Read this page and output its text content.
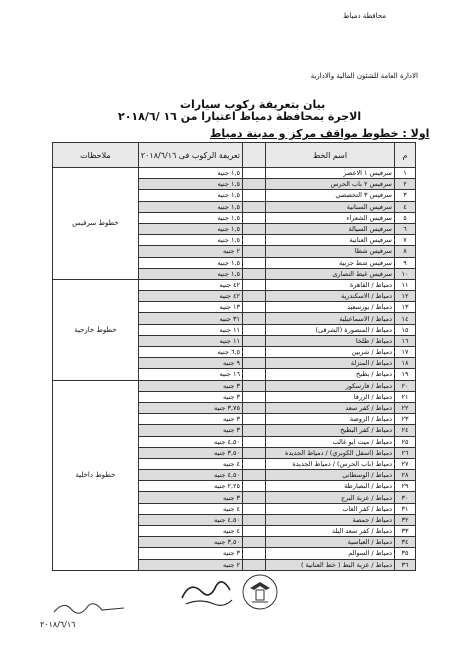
محافظة دمياط
الادارة العامة للشئون المالية والادارية
بيان بتعريفة ركوب سيارات
الاجرة بمحافظة دمياط اعتبارا من ١٦ /٢٠١٨/٦
اولا : خطوط مواقف مركز و مدينة دمياط
م	اسم الخط		تعريفة الركوب فى ٢٠١٨/٦/١٦	ملاحظات
١	سرفيس ١ الاعصر		١,٥ جنيه	خطوط سرفيس
٢	سرفيس ٢ باب الحرس		١,٥ جنيه	
٣	سرفيس ٣ التخصصي		١,٥ جنيه	
٤	سرفيس السنانية		١,٥ جنيه	
٥	سرفيس الشعراء		١,٥ جنيه	
٦	سرفيس السيالة		١,٥ جنيه	
٧	سرفيس العنانية		١,٥ جنيه	
٨	سرفيس شطا		٢ جنيه	
٩	سرفيس شط جربية		١,٥ جنيه	
١٠	سرفيس غيط النصارى		١,٥ جنيه	
١١	دمياط / القاهرة		٤٢ جنيه	خطوط خارجية
١٢	دمياط / الاسكندرية		٤٢ جنيه	
١٣	دمياط / بورسعيد		١٣ جنيه	
١٤	دمياط / الاسماعيلية		٣١ جنيه	
١٥	دمياط / المنصورة (الشرقى)		١١ جنيه	
١٦	دمياط / طلخا		١١ جنيه	
١٧	دمياط / شربين		٦,٥ جنيه	
١٨	دمياط / المنزلة		٩ جنيه	
١٩	دمياط / بطيخ		١٦ جنيه	
٢٠	دمياط / فارسكور		٣ جنيه	خطوط داخلية
٢١	دمياط / الزرقا		٣ جنيه	
٢٢	دمياط / كفر سعد		٣,٧٥ جنيه	
٢٣	دمياط / الروضة		٣ جنيه	
٢٤	دمياط / كفر البطيخ		٣ جنيه	
٢٥	دمياط / ميت ابو غالب		٤,٥٠ جنيه	
٢٦	دمياط (اسفل الكوبري) / دمياط الجديدة		٣,٥٠ جنيه	
٢٧	دمياط (باب الحرس) / دمياط الجديدة		٤ جنيه	
٢٨	دمياط / الوسطانى		٤,٥٠ جنيه	
٢٩	دمياط / البصارطة		٢,٢٥ جنيه	
٣٠	دمياط / عزبة البرج		٣ جنيه	
٣١	دمياط / كفر الغاب		٤ جنيه	
٣٢	دمياط / جمصة		٤,٥٠ جنيه	
٣٣	دمياط / كفر سعد البلد		٤ جنيه	
٣٤	دمياط / العباسية		٣,٥٠ جنيه	
٣٥	دمياط / السوالم		٣ جنيه	
٣٦	دمياط / عزبة البط ( خط العنانية )		٢ جنيه	
٢٠١٨/٦/١٦
